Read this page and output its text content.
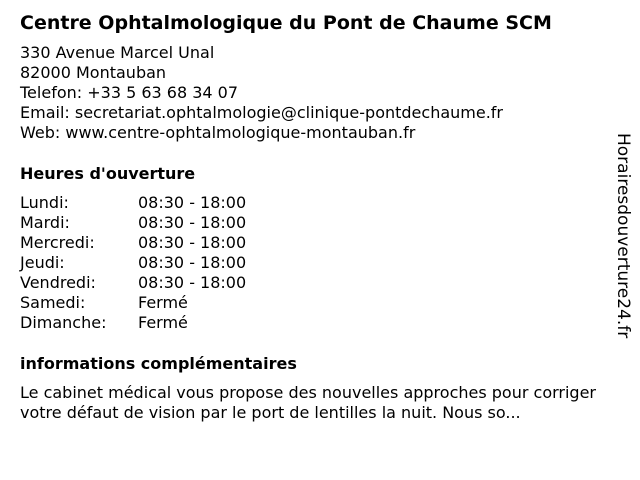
Centre Ophtalmologique du Pont de Chaume SCM
330 Avenue Marcel Unal
82000 Montauban
Telefon: +33 5 63 68 34 07
Email: secretariat.ophtalmologie@clinique-pontdechaume.fr
Web: www.centre-ophtalmologique-montauban.fr
Heures d'ouverture
Lundi:	08:30 - 18:00
Mardi:	08:30 - 18:00
Mercredi:	08:30 - 18:00
Jeudi:	08:30 - 18:00
Vendredi:	08:30 - 18:00
Samedi:	Fermé
Dimanche: Fermé
informations complémentaires
Le cabinet médical vous propose des nouvelles approches pour corriger votre défaut de vision par le port de lentilles la nuit. Nous so...
Horairesdouverture24.fr
